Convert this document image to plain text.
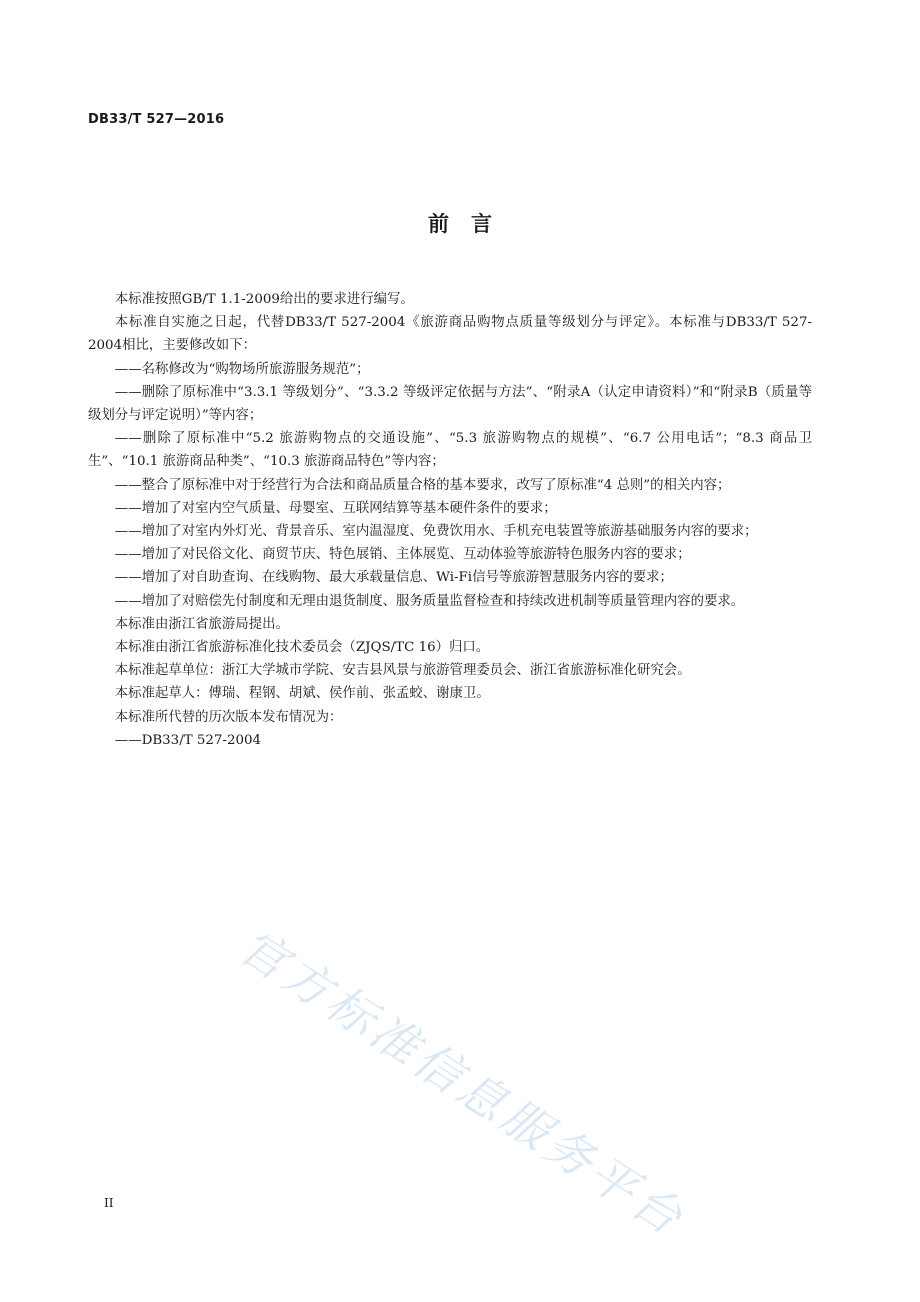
DB33/T 527—2016
前 言

本标准按照GB/T 1.1-2009给出的要求进行编写。

本标准自实施之日起，代替DB33/T 527-2004《旅游商品购物点质量等级划分与评定》。本标准与DB33/T 527-2004相比，主要修改如下：

——名称修改为“购物场所旅游服务规范”；

——删除了原标准中“3.3.1 等级划分”、“3.3.2 等级评定依据与方法”、“附录A（认定申请资料）”和“附录B（质量等级划分与评定说明）”等内容；

——删除了原标准中“5.2 旅游购物点的交通设施”、“5.3 旅游购物点的规模”、“6.7 公用电话”；“8.3 商品卫生”、“10.1 旅游商品种类”、“10.3 旅游商品特色”等内容；

——整合了原标准中对于经营行为合法和商品质量合格的基本要求，改写了原标准“4 总则”的相关内容；

——增加了对室内空气质量、母婴室、互联网结算等基本硬件条件的要求；

——增加了对室内外灯光、背景音乐、室内温湿度、免费饮用水、手机充电装置等旅游基础服务内容的要求；

——增加了对民俗文化、商贸节庆、特色展销、主体展览、互动体验等旅游特色服务内容的要求；

——增加了对自助查询、在线购物、最大承载量信息、Wi-Fi信号等旅游智慧服务内容的要求；

——增加了对赔偿先付制度和无理由退货制度、服务质量监督检查和持续改进机制等质量管理内容的要求。

本标准由浙江省旅游局提出。

本标准由浙江省旅游标准化技术委员会（ZJQS/TC 16）归口。

本标准起草单位：浙江大学城市学院、安吉县风景与旅游管理委员会、浙江省旅游标准化研究会。

本标准起草人：傅瑞、程钢、胡斌、侯作前、张孟蛟、谢康卫。

本标准所代替的历次版本发布情况为：

——DB33/T 527-2004

官方标准信息服务平台
II
